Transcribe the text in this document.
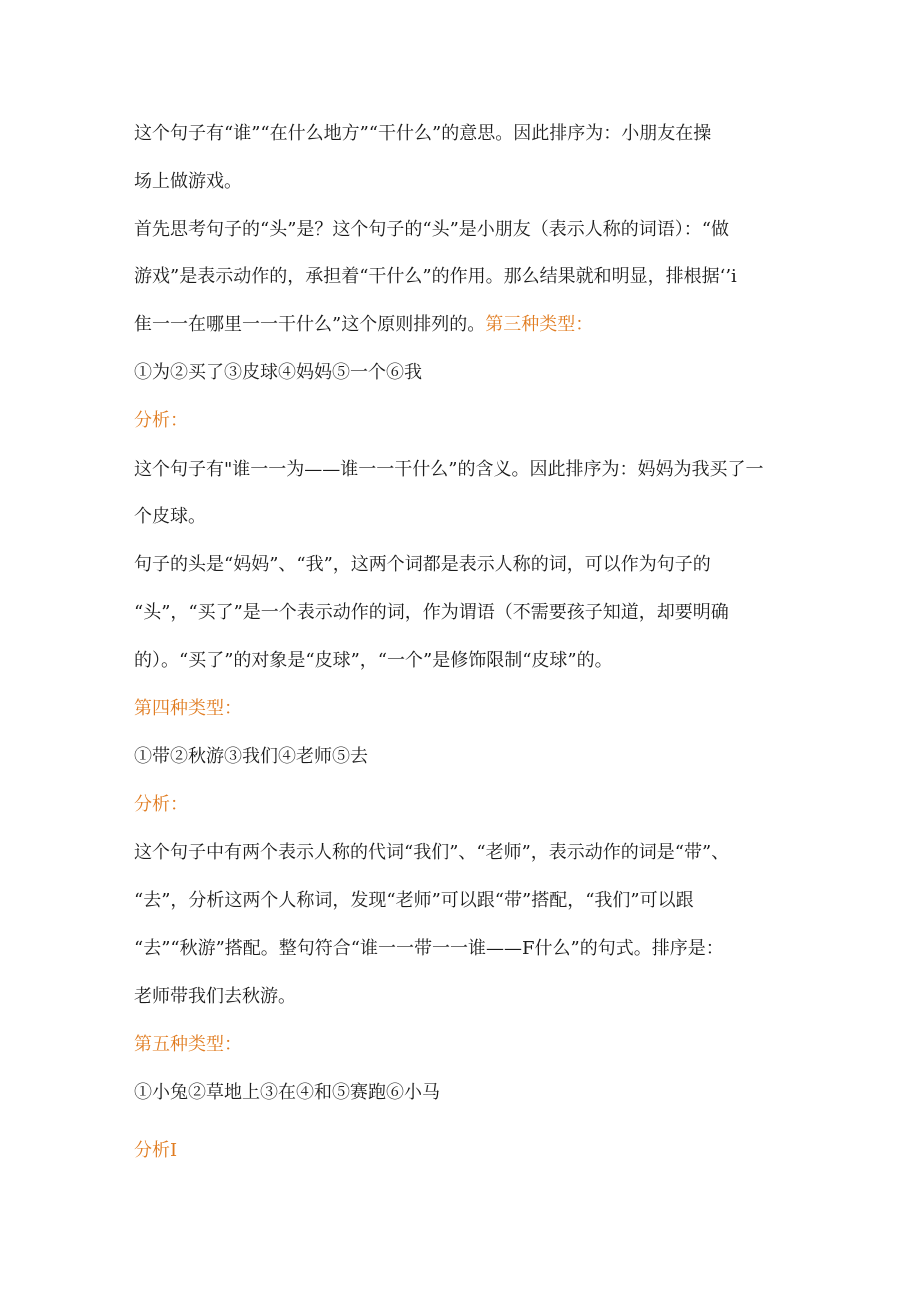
这个句子有“谁”“在什么地方”“干什么”的意思。因此排序为：小朋友在操
场上做游戏。
首先思考句子的“头”是？这个句子的“头”是小朋友（表示人称的词语）：“做
游戏”是表示动作的，承担着“干什么”的作用。那么结果就和明显，排根据‘’i
隹一一在哪里一一干什么”这个原则排列的。第三种类型：
①为②买了③皮球④妈妈⑤一个⑥我
分析：
这个句子有"谁一一为——谁一一干什么”的含义。因此排序为：妈妈为我买了一
个皮球。
句子的头是“妈妈”、“我”，这两个词都是表示人称的词，可以作为句子的
“头”，“买了”是一个表示动作的词，作为谓语（不需要孩子知道，却要明确
的）。“买了”的对象是“皮球”，“一个”是修饰限制“皮球”的。
第四种类型：
①带②秋游③我们④老师⑤去
分析：
这个句子中有两个表示人称的代词“我们”、“老师”，表示动作的词是“带”、
“去”，分析这两个人称词，发现“老师”可以跟“带”搭配，“我们”可以跟
“去”“秋游”搭配。整句符合“谁一一带一一谁——F什么”的句式。排序是：
老师带我们去秋游。
第五种类型：
①小兔②草地上③在④和⑤赛跑⑥小马
分析I
